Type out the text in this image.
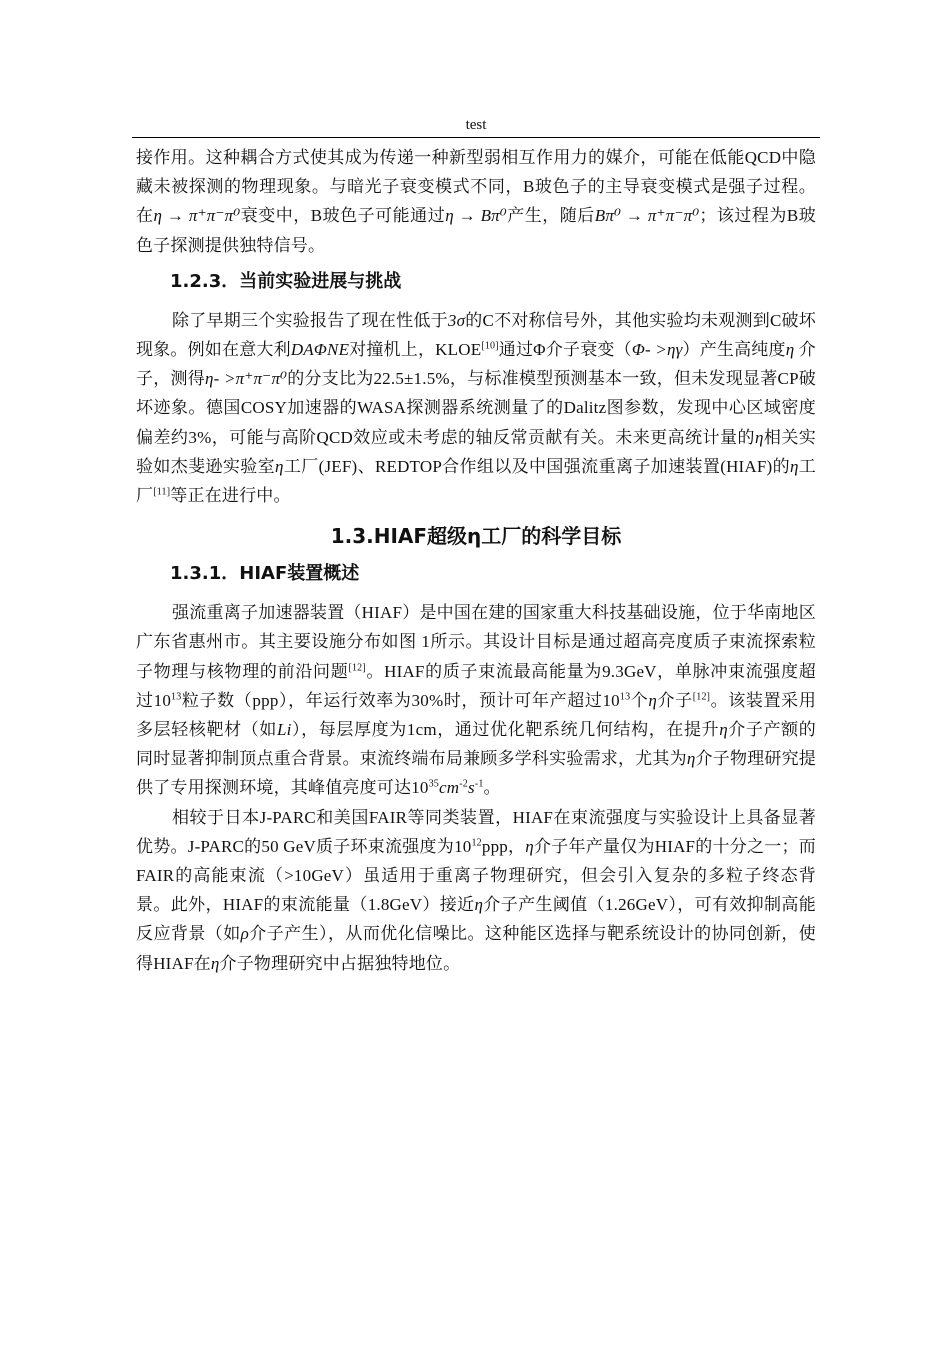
test

接作用。这种耦合方式使其成为传递一种新型弱相互作用力的媒介，可能在低能QCD中隐藏未被探测的物理现象。与暗光子衰变模式不同，B玻色子的主导衰变模式是强子过程。在η → π⁺π⁻π⁰衰变中，B玻色子可能通过η → Bπ⁰产生，随后Bπ⁰ → π⁺π⁻π⁰；该过程为B玻色子探测提供独特信号。

1.2.3．当前实验进展与挑战

除了早期三个实验报告了现在性低于3σ的C不对称信号外，其他实验均未观测到C破坏现象。例如在意大利DAΦNE对撞机上，KLOE[10]通过Φ介子衰变（Φ- >ηγ）产生高纯度η 介子，测得η- >π⁺π⁻π⁰的分支比为22.5±1.5%，与标准模型预测基本一致，但未发现显著CP破坏迹象。德国COSY加速器的WASA探测器系统测量了的Dalitz图参数，发现中心区域密度偏差约3%，可能与高阶QCD效应或未考虑的轴反常贡献有关。未来更高统计量的η相关实验如杰斐逊实验室η工厂(JEF)、REDTOP合作组以及中国强流重离子加速装置(HIAF)的η工厂[11]等正在进行中。

1.3.HIAF超级η工厂的科学目标
1.3.1．HIAF装置概述

强流重离子加速器装置（HIAF）是中国在建的国家重大科技基础设施，位于华南地区广东省惠州市。其主要设施分布如图 1所示。其设计目标是通过超高亮度质子束流探索粒子物理与核物理的前沿问题[12]。HIAF的质子束流最高能量为9.3GeV，单脉冲束流强度超过$10^{13}$粒子数（ppp），年运行效率为30%时，预计可年产超过$10^{13}$个η介子[12]。该装置采用多层轻核靶材（如Li），每层厚度为1cm，通过优化靶系统几何结构，在提升η介子产额的同时显著抑制顶点重合背景。束流终端布局兼顾多学科实验需求，尤其为η介子物理研究提供了专用探测环境，其峰值亮度可达$10^{35}cm^{-2}s^{-1}$。

相较于日本J-PARC和美国FAIR等同类装置，HIAF在束流强度与实验设计上具备显著优势。J-PARC的50 GeV质子环束流强度为$10^{12}ppp$，η介子年产量仅为HIAF的十分之一；而FAIR的高能束流（>10GeV）虽适用于重离子物理研究，但会引入复杂的多粒子终态背景。此外，HIAF的束流能量（1.8GeV）接近η介子产生阈值（1.26GeV），可有效抑制高能反应背景（如ρ介子产生），从而优化信噪比。这种能区选择与靶系统设计的协同创新，使得HIAF在η介子物理研究中占据独特地位。
